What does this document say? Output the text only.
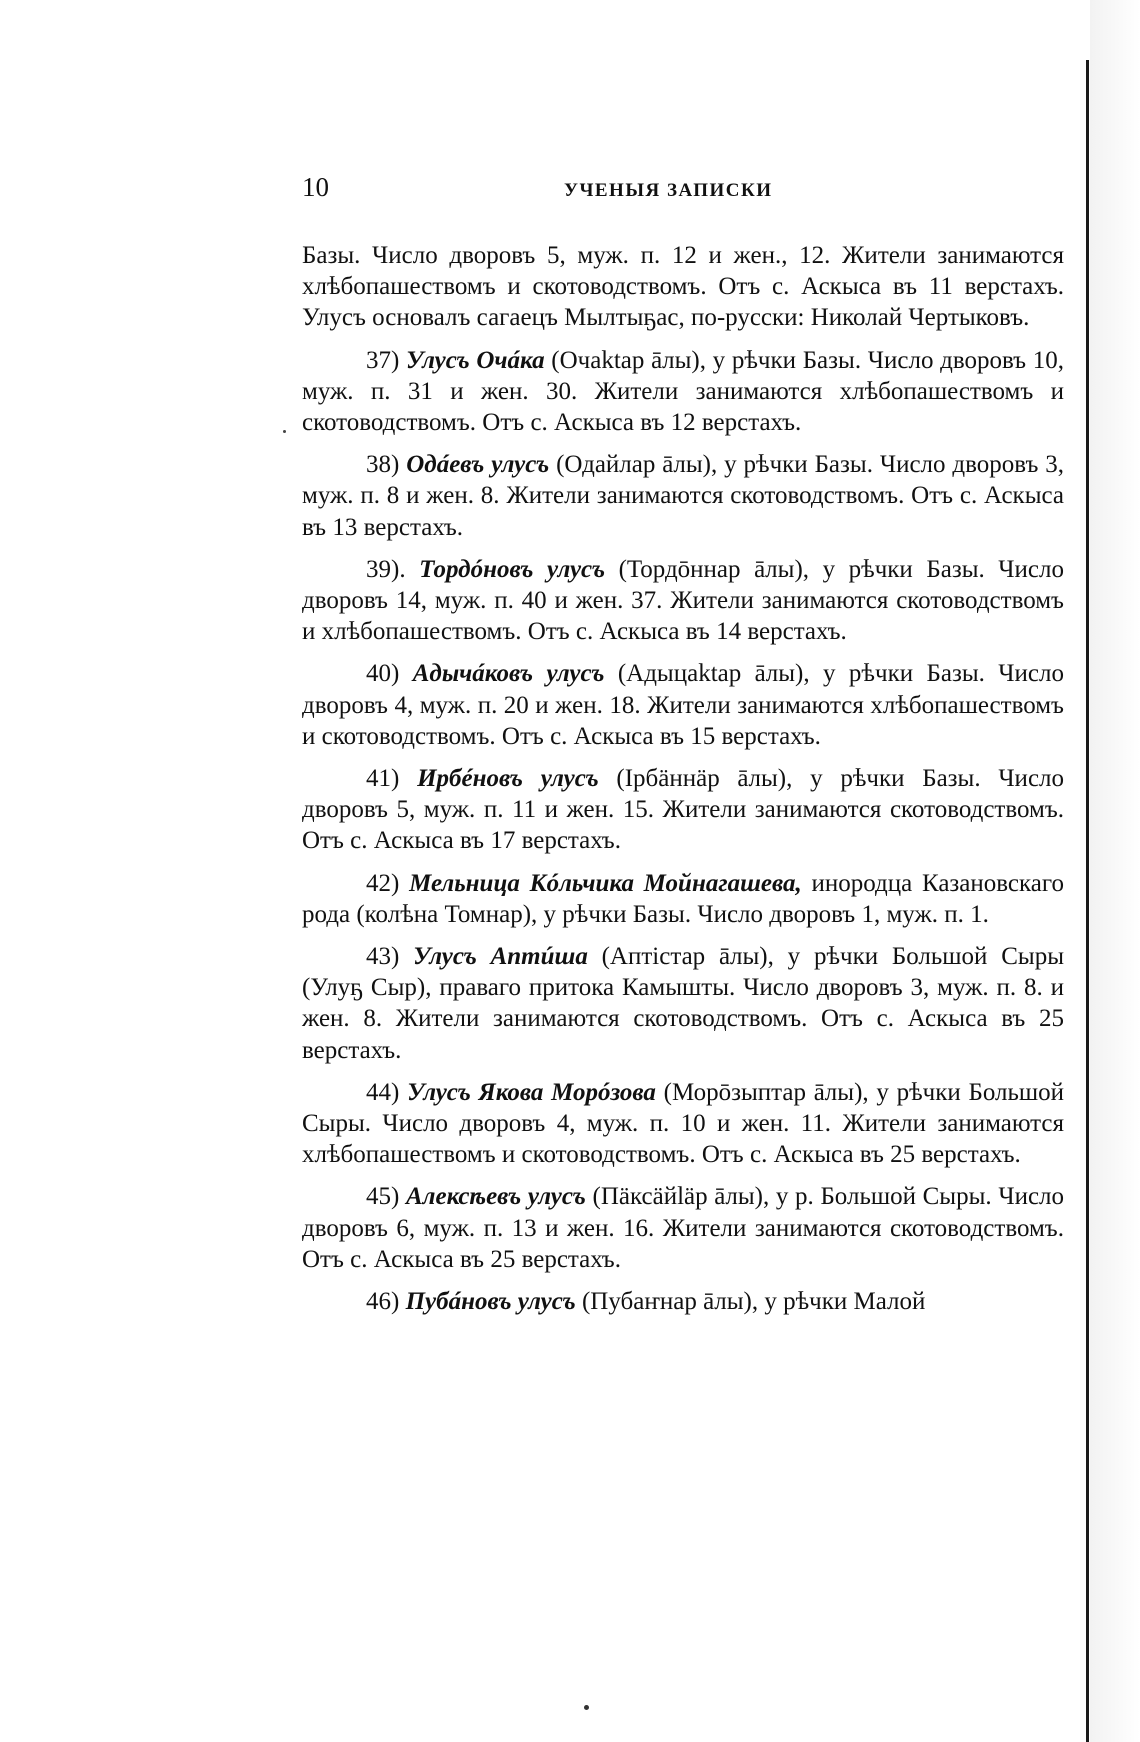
10	УЧЕНЫЯ ЗАПИСКИ

Базы. Число дворовъ 5, муж. п. 12 и жен., 12. Жители занимаются хлѣбопашествомъ и скотоводствомъ. Отъ с. Аскыса въ 11 верстахъ. Улусъ основалъ сагаецъ Мылтыҕас, по-русски: Николай Чертыковъ.

37) Улусъ Очáка (Очаktар āлы), у рѣчки Базы. Число дворовъ 10, муж. п. 31 и жен. 30. Жители занимаются хлѣбопашествомъ и скотоводствомъ. Отъ с. Аскыса въ 12 верстахъ.

38) Одáевъ улусъ (Одайлар āлы), у рѣчки Базы. Число дворовъ 3, муж. п. 8 и жен. 8. Жители занимаются скотоводствомъ. Отъ с. Аскыса въ 13 верстахъ.

39). Тордóновъ улусъ (Тордōннар āлы), у рѣчки Базы. Число дворовъ 14, муж. п. 40 и жен. 37. Жители занимаются скотоводствомъ и хлѣбопашествомъ. Отъ с. Аскыса въ 14 верстахъ.

40) Адычáковъ улусъ (Адыцаktар āлы), у рѣчки Базы. Число дворовъ 4, муж. п. 20 и жен. 18. Жители занимаются хлѣбопашествомъ и скотоводствомъ. Отъ с. Аскыса въ 15 верстахъ.

41) Ирбéновъ улусъ (Ірбäннäр āлы), у рѣчки Базы. Число дворовъ 5, муж. п. 11 и жен. 15. Жители занимаются скотоводствомъ. Отъ с. Аскыса въ 17 верстахъ.

42) Мельница Кóльчика Мойнагашева, инородца Казановскаго рода (колѣна Томнар), у рѣчки Базы. Число дворовъ 1, муж. п. 1.

43) Улусъ Аптúша (Аптістар āлы), у рѣчки Большой Сыры (Улуҕ Сыр), праваго притока Камышты. Число дворовъ 3, муж. п. 8. и жен. 8. Жители занимаются скотоводствомъ. Отъ с. Аскыса въ 25 верстахъ.

44) Улусъ Якова Морóзова (Морōзыптар āлы), у рѣчки Большой Сыры. Число дворовъ 4, муж. п. 10 и жен. 11. Жители занимаются хлѣбопашествомъ и скотоводствомъ. Отъ с. Аскыса въ 25 верстахъ.

45) Алексѣевъ улусъ (Пäксäйläр āлы), у р. Большой Сыры. Число дворовъ 6, муж. п. 13 и жен. 16. Жители занимаются скотоводствомъ. Отъ с. Аскыса въ 25 верстахъ.

46) Пубáновъ улусъ (Пубаҥнар āлы), у рѣчки Малой
